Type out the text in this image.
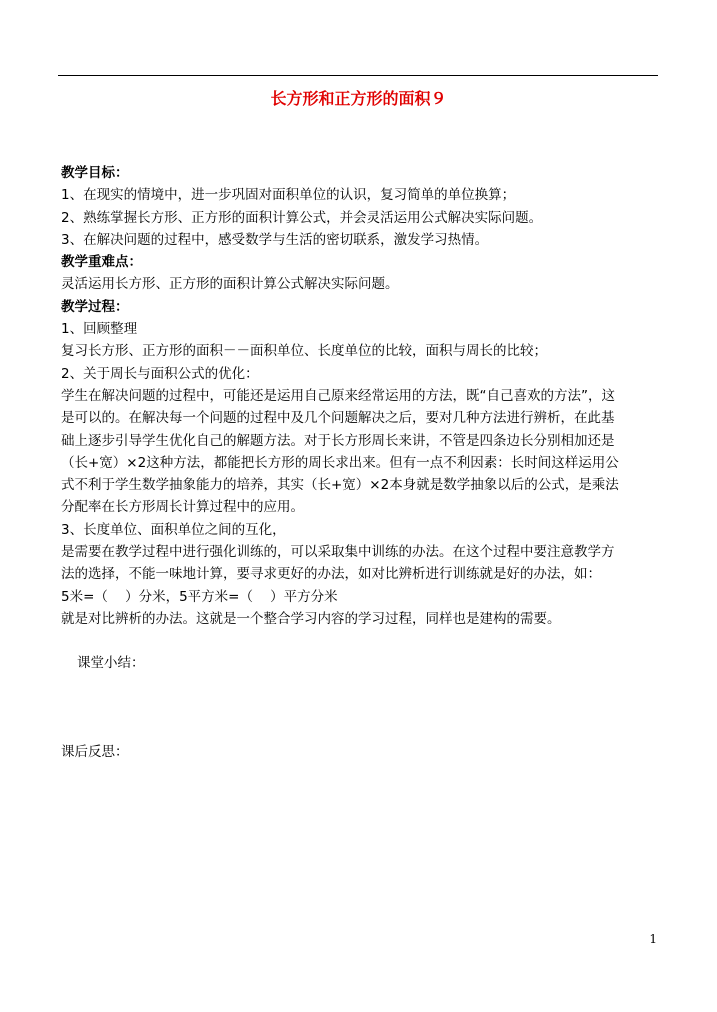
长方形和正方形的面积９

教学目标：

1、在现实的情境中，进一步巩固对面积单位的认识，复习简单的单位换算；

2、熟练掌握长方形、正方形的面积计算公式，并会灵活运用公式解决实际问题。

3、在解决问题的过程中，感受数学与生活的密切联系，激发学习热情。

教学重难点：

灵活运用长方形、正方形的面积计算公式解决实际问题。

教学过程：

1、回顾整理

复习长方形、正方形的面积－－面积单位、长度单位的比较，面积与周长的比较；

2、关于周长与面积公式的优化：

学生在解决问题的过程中，可能还是运用自己原来经常运用的方法，既“自己喜欢的方法”，这

是可以的。在解决每一个问题的过程中及几个问题解决之后，要对几种方法进行辨析，在此基

础上逐步引导学生优化自己的解题方法。对于长方形周长来讲，不管是四条边长分别相加还是

（长+宽）×2这种方法，都能把长方形的周长求出来。但有一点不利因素：长时间这样运用公

式不利于学生数学抽象能力的培养，其实（长+宽）×2本身就是数学抽象以后的公式，是乘法

分配率在长方形周长计算过程中的应用。

3、长度单位、面积单位之间的互化，

是需要在教学过程中进行强化训练的，可以采取集中训练的办法。在这个过程中要注意教学方

法的选择，不能一味地计算，要寻求更好的办法，如对比辨析进行训练就是好的办法，如：

5米=（    ）分米，5平方米=（    ）平方分米

就是对比辨析的办法。这就是一个整合学习内容的学习过程，同样也是建构的需要。

课堂小结：

课后反思：

1
